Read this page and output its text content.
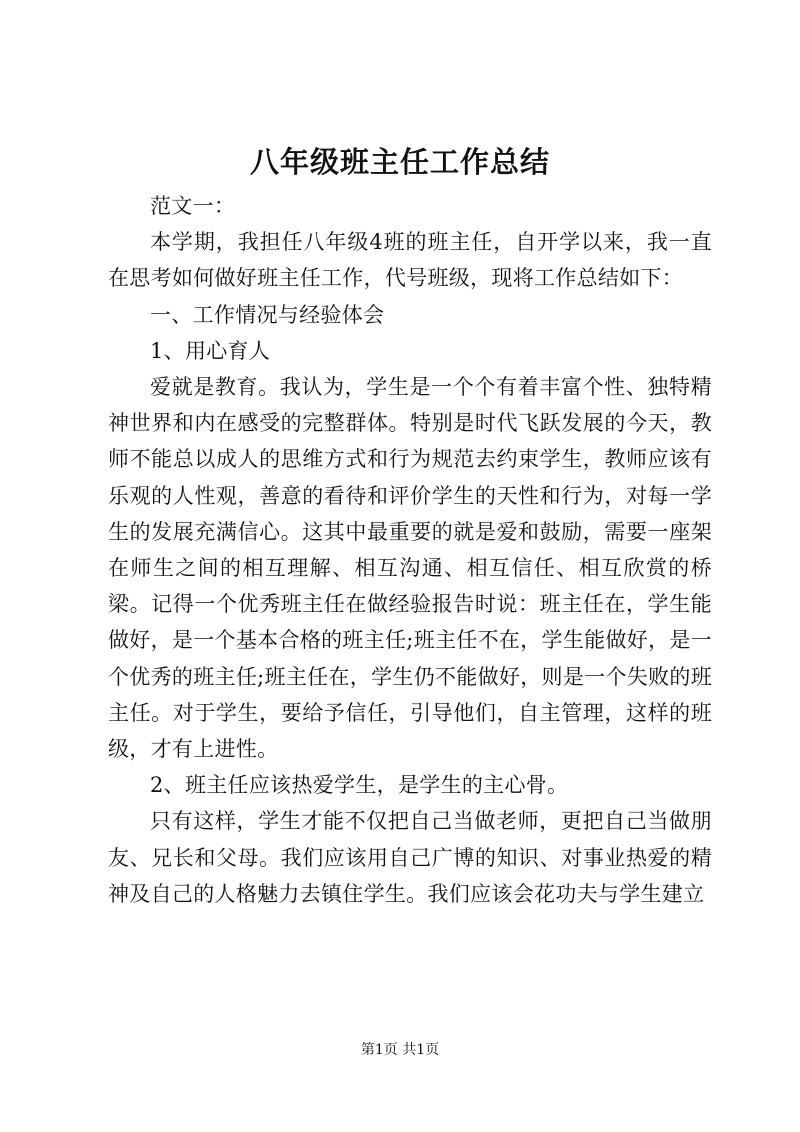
八年级班主任工作总结

范文一：

本学期，我担任八年级4班的班主任，自开学以来，我一直在思考如何做好班主任工作，代号班级，现将工作总结如下：

一、工作情况与经验体会

1、用心育人

爱就是教育。我认为，学生是一个个有着丰富个性、独特精神世界和内在感受的完整群体。特别是时代飞跃发展的今天，教师不能总以成人的思维方式和行为规范去约束学生，教师应该有乐观的人性观，善意的看待和评价学生的天性和行为，对每一学生的发展充满信心。这其中最重要的就是爱和鼓励，需要一座架在师生之间的相互理解、相互沟通、相互信任、相互欣赏的桥梁。记得一个优秀班主任在做经验报告时说：班主任在，学生能做好，是一个基本合格的班主任;班主任不在，学生能做好，是一个优秀的班主任;班主任在，学生仍不能做好，则是一个失败的班主任。对于学生，要给予信任，引导他们，自主管理，这样的班级，才有上进性。

2、班主任应该热爱学生，是学生的主心骨。

只有这样，学生才能不仅把自己当做老师，更把自己当做朋友、兄长和父母。我们应该用自己广博的知识、对事业热爱的精神及自己的人格魅力去镇住学生。我们应该会花功夫与学生建立

第1页 共1页
